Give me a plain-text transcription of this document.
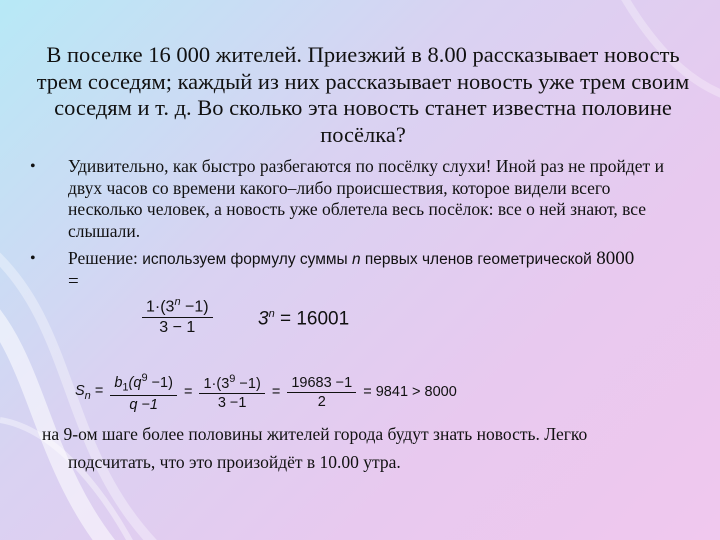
В поселке 16 000 жителей. Приезжий в 8.00 рассказывает новость трем соседям; каждый из них рассказывает новость уже трем своим соседям и т. д. Во сколько эта новость станет известна половине посёлка?
• Удивительно, как быстро разбегаются по посёлку слухи! Иной раз не пройдет и двух часов со времени какого–либо происшествия, которое видели всего несколько человек, а новость уже облетела весь посёлок: все о ней знают, все слышали.
• Решение: используем формулу суммы n первых членов геометрической 8000
=
$\frac{1\cdot(3^n -1)}{3 - 1} 3^n = 16001$
$S_n = \frac{b_1(q^9 -1)}{q -1} = \frac{1\cdot(3^9 -1)}{3 -1} = \frac{19683 -1}{2} = 9841 > 8000$
на 9-ом шаге более половины жителей города будут знать новость. Легко
подсчитать, что это произойдёт в 10.00 утра.
